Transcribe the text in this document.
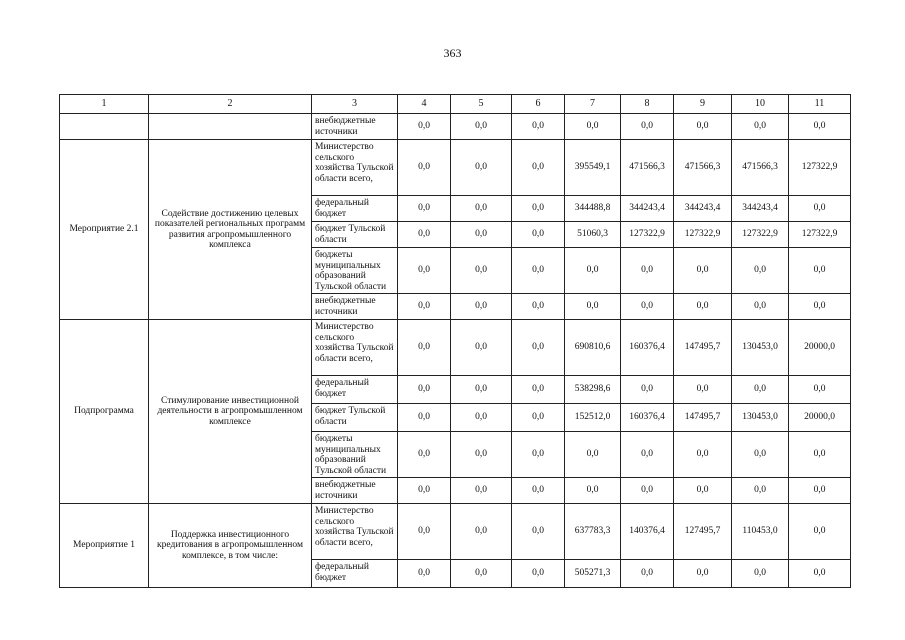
363
1	2	3	4	5	6	7	8	9	10	11
		внебюджетные источники	0,0	0,0	0,0	0,0	0,0	0,0	0,0	0,0
Мероприятие 2.1	Содействие достижению целевых показателей региональных программ развития агропромышленного комплекса	Министерство сельского хозяйства Тульской области всего,	0,0	0,0	0,0	395549,1	471566,3	471566,3	471566,3	127322,9
		федеральный бюджет	0,0	0,0	0,0	344488,8	344243,4	344243,4	344243,4	0,0
		бюджет Тульской области	0,0	0,0	0,0	51060,3	127322,9	127322,9	127322,9	127322,9
		бюджеты муниципальных образований Тульской области	0,0	0,0	0,0	0,0	0,0	0,0	0,0	0,0
		внебюджетные источники	0,0	0,0	0,0	0,0	0,0	0,0	0,0	0,0
Подпрограмма	Стимулирование инвестиционной деятельности в агропромышленном комплексе	Министерство сельского хозяйства Тульской области всего,	0,0	0,0	0,0	690810,6	160376,4	147495,7	130453,0	20000,0
		федеральный бюджет	0,0	0,0	0,0	538298,6	0,0	0,0	0,0	0,0
		бюджет Тульской области	0,0	0,0	0,0	152512,0	160376,4	147495,7	130453,0	20000,0
		бюджеты муниципальных образований Тульской области	0,0	0,0	0,0	0,0	0,0	0,0	0,0	0,0
		внебюджетные источники	0,0	0,0	0,0	0,0	0,0	0,0	0,0	0,0
Мероприятие 1	Поддержка инвестиционного кредитования в агропромышленном комплексе, в том числе:	Министерство сельского хозяйства Тульской области всего,	0,0	0,0	0,0	637783,3	140376,4	127495,7	110453,0	0,0
		федеральный бюджет	0,0	0,0	0,0	505271,3	0,0	0,0	0,0	0,0
